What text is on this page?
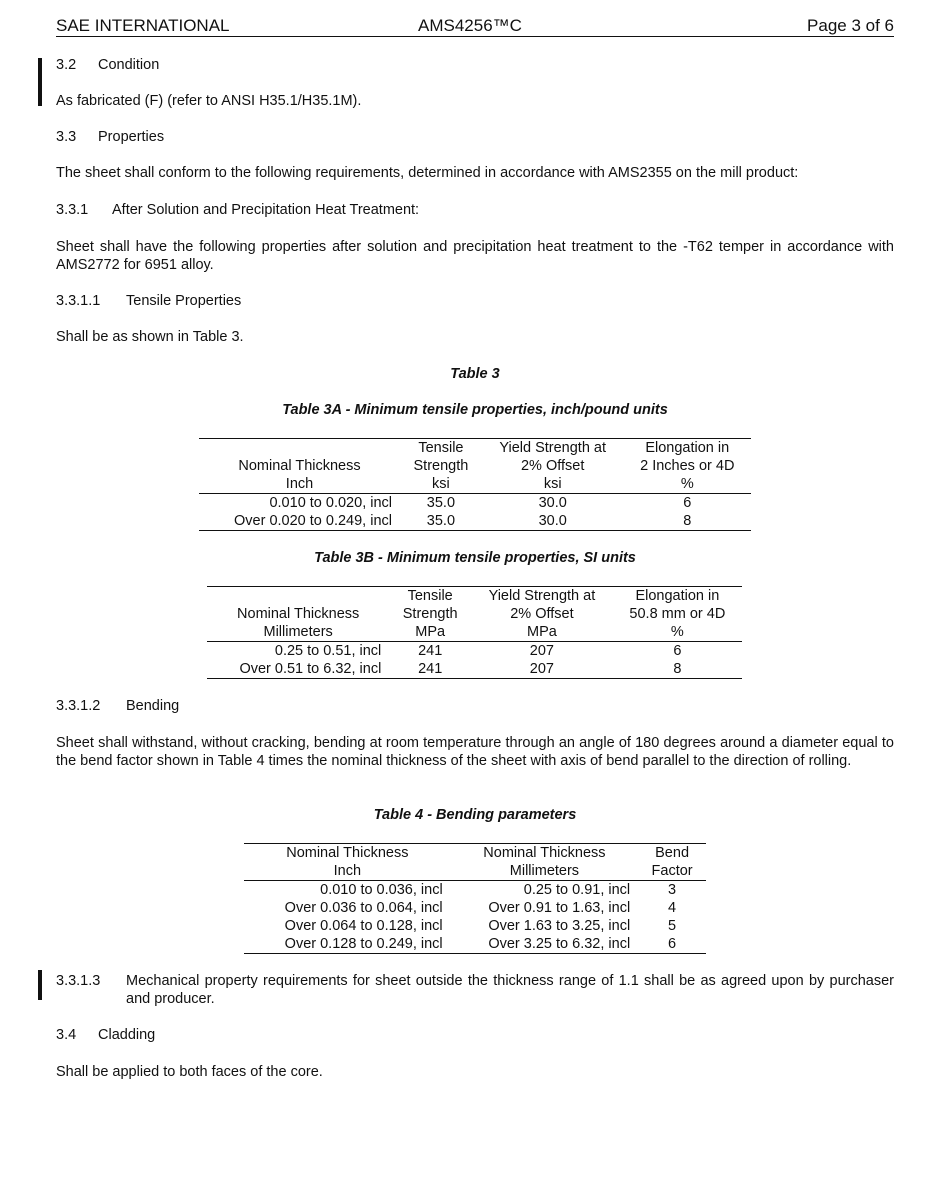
SAE INTERNATIONAL	AMS4256™C	Page 3 of 6
3.2 Condition
As fabricated (F) (refer to ANSI H35.1/H35.1M).
3.3 Properties
The sheet shall conform to the following requirements, determined in accordance with AMS2355 on the mill product:
3.3.1 After Solution and Precipitation Heat Treatment:
Sheet shall have the following properties after solution and precipitation heat treatment to the -T62 temper in accordance with AMS2772 for 6951 alloy.
3.3.1.1 Tensile Properties
Shall be as shown in Table 3.
Table 3
Table 3A - Minimum tensile properties, inch/pound units
	Tensile	Yield Strength at	Elongation in
Nominal Thickness	Strength	2% Offset	2 Inches or 4D
Inch	ksi	ksi	%
0.010 to 0.020, incl	35.0	30.0	6
Over 0.020 to 0.249, incl	35.0	30.0	8
Table 3B - Minimum tensile properties, SI units
	Tensile	Yield Strength at	Elongation in
Nominal Thickness	Strength	2% Offset	50.8 mm or 4D
Millimeters	MPa	MPa	%
0.25 to 0.51, incl	241	207	6
Over 0.51 to 6.32, incl	241	207	8
3.3.1.2 Bending
Sheet shall withstand, without cracking, bending at room temperature through an angle of 180 degrees around a diameter equal to the bend factor shown in Table 4 times the nominal thickness of the sheet with axis of bend parallel to the direction of rolling.
Table 4 - Bending parameters
Nominal Thickness	Nominal Thickness	Bend
Inch	Millimeters	Factor
0.010 to 0.036, incl	0.25 to 0.91, incl	3
Over 0.036 to 0.064, incl	Over 0.91 to 1.63, incl	4
Over 0.064 to 0.128, incl	Over 1.63 to 3.25, incl	5
Over 0.128 to 0.249, incl	Over 3.25 to 6.32, incl	6
3.3.1.3 Mechanical property requirements for sheet outside the thickness range of 1.1 shall be as agreed upon by purchaser and producer.
3.4 Cladding
Shall be applied to both faces of the core.
